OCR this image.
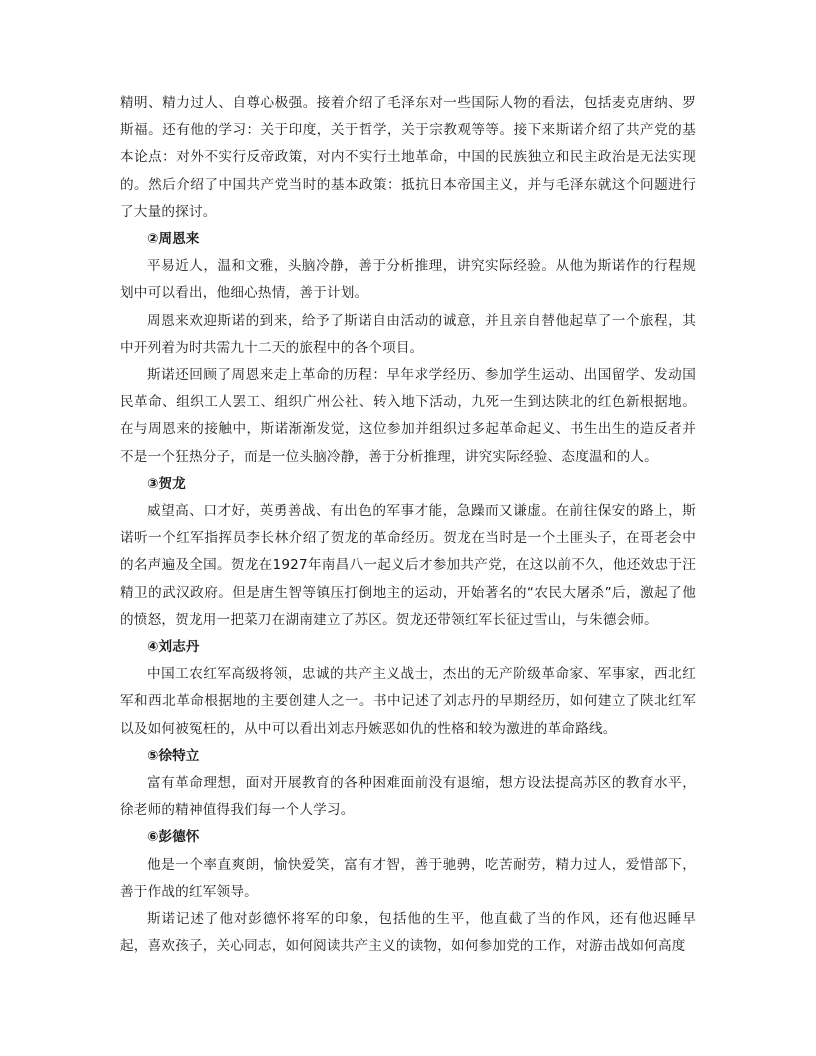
精明、精力过人、自尊心极强。接着介绍了毛泽东对一些国际人物的看法，包括麦克唐纳、罗斯福。还有他的学习：关于印度，关于哲学，关于宗教观等等。接下来斯诺介绍了共产党的基本论点：对外不实行反帝政策，对内不实行土地革命，中国的民族独立和民主政治是无法实现的。然后介绍了中国共产党当时的基本政策：抵抗日本帝国主义，并与毛泽东就这个问题进行了大量的探讨。

②周恩来

平易近人，温和文雅，头脑冷静，善于分析推理，讲究实际经验。从他为斯诺作的行程规划中可以看出，他细心热情，善于计划。

周恩来欢迎斯诺的到来，给予了斯诺自由活动的诚意，并且亲自替他起草了一个旅程，其中开列着为时共需九十二天的旅程中的各个项目。

斯诺还回顾了周恩来走上革命的历程：早年求学经历、参加学生运动、出国留学、发动国民革命、组织工人罢工、组织广州公社、转入地下活动，九死一生到达陕北的红色新根据地。在与周恩来的接触中，斯诺渐渐发觉，这位参加并组织过多起革命起义、书生出生的造反者并不是一个狂热分子，而是一位头脑冷静，善于分析推理，讲究实际经验、态度温和的人。

③贺龙

威望高、口才好，英勇善战、有出色的军事才能，急躁而又谦虚。在前往保安的路上，斯诺听一个红军指挥员李长林介绍了贺龙的革命经历。贺龙在当时是一个土匪头子，在哥老会中的名声遍及全国。贺龙在1927年南昌八一起义后才参加共产党，在这以前不久，他还效忠于汪精卫的武汉政府。但是唐生智等镇压打倒地主的运动，开始著名的“农民大屠杀”后，激起了他的愤怒，贺龙用一把菜刀在湖南建立了苏区。贺龙还带领红军长征过雪山，与朱德会师。

④刘志丹

中国工农红军高级将领，忠诚的共产主义战士，杰出的无产阶级革命家、军事家，西北红军和西北革命根据地的主要创建人之一。书中记述了刘志丹的早期经历，如何建立了陕北红军以及如何被冤枉的，从中可以看出刘志丹嫉恶如仇的性格和较为激进的革命路线。

⑤徐特立

富有革命理想，面对开展教育的各种困难面前没有退缩，想方设法提高苏区的教育水平，徐老师的精神值得我们每一个人学习。

⑥彭德怀

他是一个率直爽朗，愉快爱笑，富有才智，善于驰骋，吃苦耐劳，精力过人，爱惜部下，善于作战的红军领导。

斯诺记述了他对彭德怀将军的印象，包括他的生平，他直截了当的作风，还有他迟睡早起，喜欢孩子，关心同志，如何阅读共产主义的读物，如何参加党的工作，对游击战如何高度
